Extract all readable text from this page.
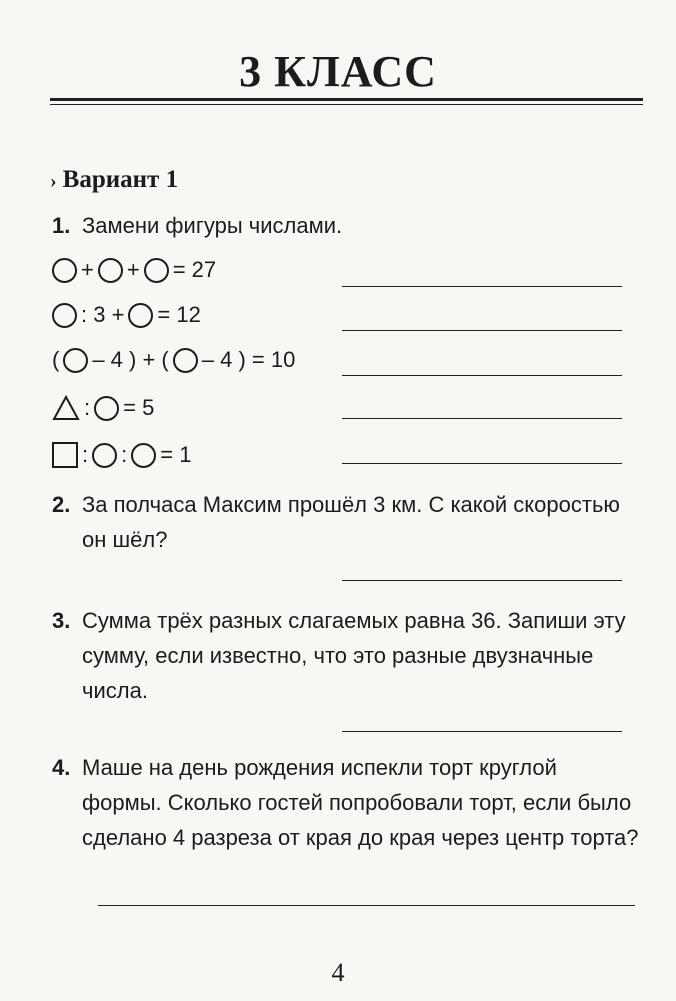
3 КЛАСС
› Вариант 1
1. Замени фигуры числами.
+ + = 27
: 3 + = 12
( – 4 ) + ( – 4 ) = 10
: = 5
: : = 1
2. За полчаса Максим прошёл 3 км. С какой скоростью он шёл?
3. Сумма трёх разных слагаемых равна 36. Запиши эту сумму, если известно, что это разные двузначные числа.
4. Маше на день рождения испекли торт круглой формы. Сколько гостей попробовали торт, если было сделано 4 разреза от края до края через центр торта?
4
